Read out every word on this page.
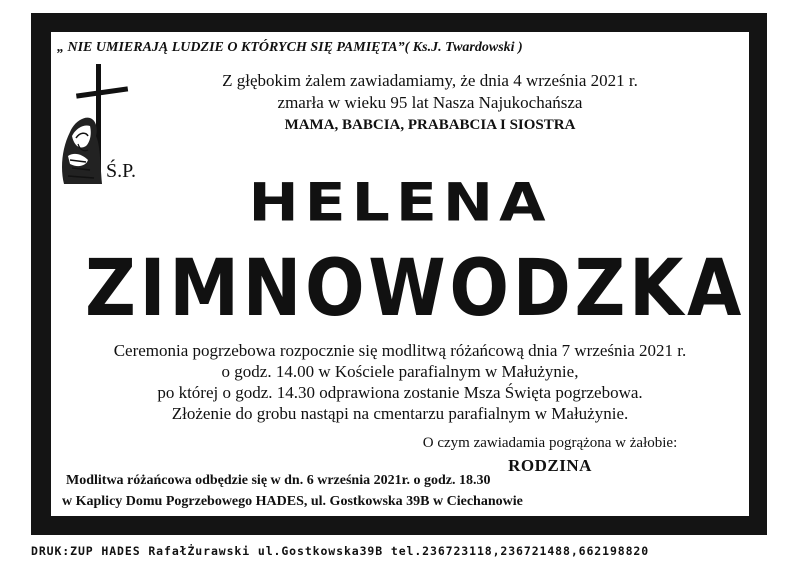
„ NIE UMIERAJĄ LUDZIE O KTÓRYCH SIĘ PAMIĘTA”( Ks.J. Twardowski )
Ś.P.
Z głębokim żalem zawiadamiamy, że dnia 4 września 2021 r.
zmarła w wieku 95 lat Nasza Najukochańsza
MAMA, BABCIA, PRABABCIA I SIOSTRA
HELENA
ZIMNOWODZKA
Ceremonia pogrzebowa rozpocznie się modlitwą różańcową dnia 7 września 2021 r.
o godz. 14.00 w Kościele parafialnym w Małużynie,
po której o godz. 14.30 odprawiona zostanie Msza Święta pogrzebowa.
Złożenie do grobu nastąpi na cmentarzu parafialnym w Małużynie.
O czym zawiadamia pogrążona w żałobie:
RODZINA
Modlitwa różańcowa odbędzie się w dn. 6 września 2021r. o godz. 18.30
w Kaplicy Domu Pogrzebowego HADES, ul. Gostkowska 39B w Ciechanowie
DRUK:ZUP HADES RafałŻurawski ul.Gostkowska39B tel.236723118,236721488,662198820
